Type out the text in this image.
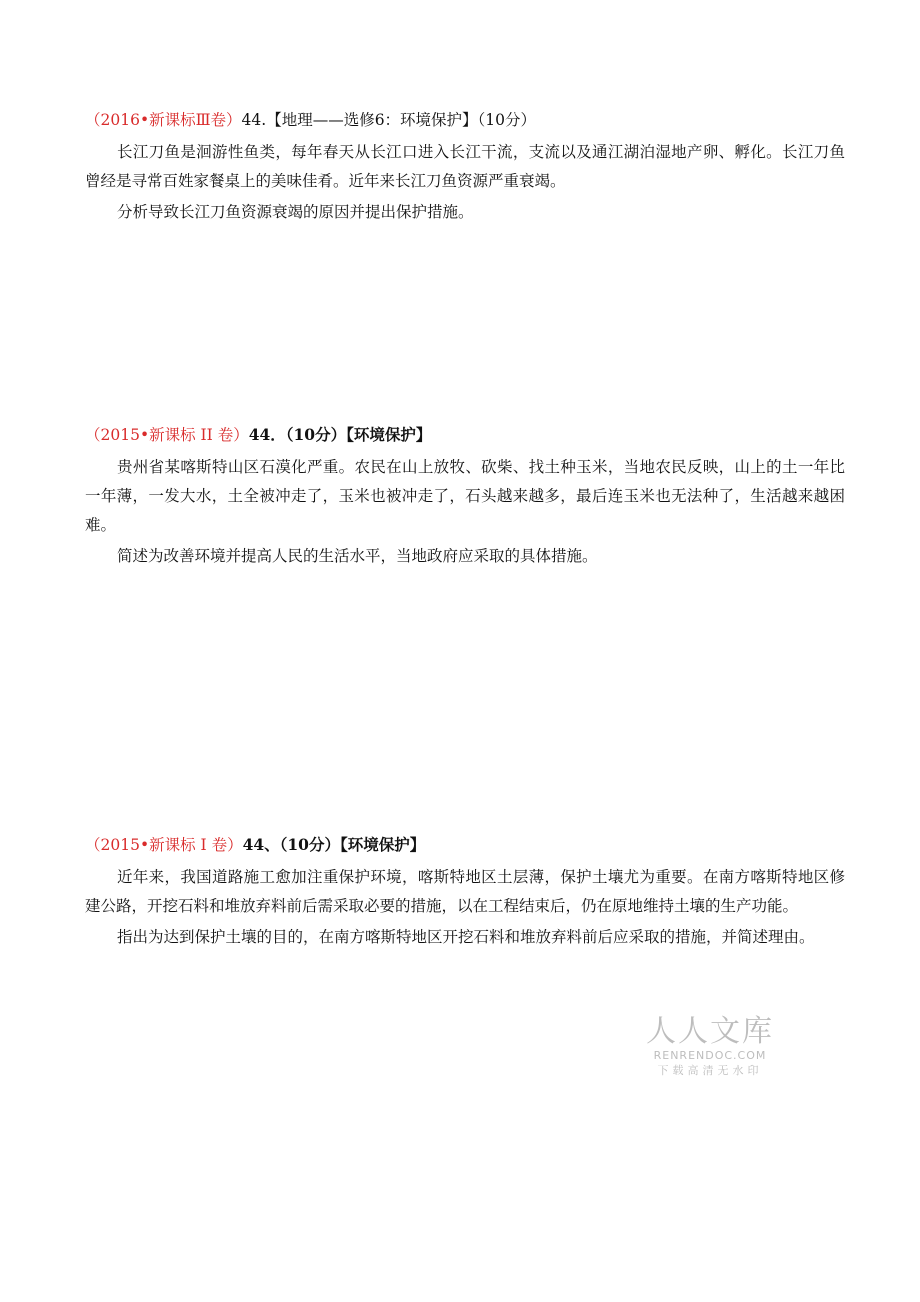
（2016•新课标Ⅲ卷）44.【地理——选修6：环境保护】（10分）

长江刀鱼是洄游性鱼类，每年春天从长江口进入长江干流，支流以及通江湖泊湿地产卵、孵化。长江刀鱼曾经是寻常百姓家餐桌上的美味佳肴。近年来长江刀鱼资源严重衰竭。

分析导致长江刀鱼资源衰竭的原因并提出保护措施。

（2015•新课标 II 卷）44．（10分）【环境保护】

贵州省某喀斯特山区石漠化严重。农民在山上放牧、砍柴、找土种玉米，当地农民反映，山上的土一年比一年薄，一发大水，土全被冲走了，玉米也被冲走了，石头越来越多，最后连玉米也无法种了，生活越来越困难。

简述为改善环境并提高人民的生活水平，当地政府应采取的具体措施。

（2015•新课标 I 卷）44、（10分）【环境保护】

近年来，我国道路施工愈加注重保护环境，喀斯特地区土层薄，保护土壤尤为重要。在南方喀斯特地区修建公路，开挖石料和堆放弃料前后需采取必要的措施，以在工程结束后，仍在原地维持土壤的生产功能。

指出为达到保护土壤的目的，在南方喀斯特地区开挖石料和堆放弃料前后应采取的措施，并简述理由。

人人文库
RENRENDOC.COM
下载高清无水印
